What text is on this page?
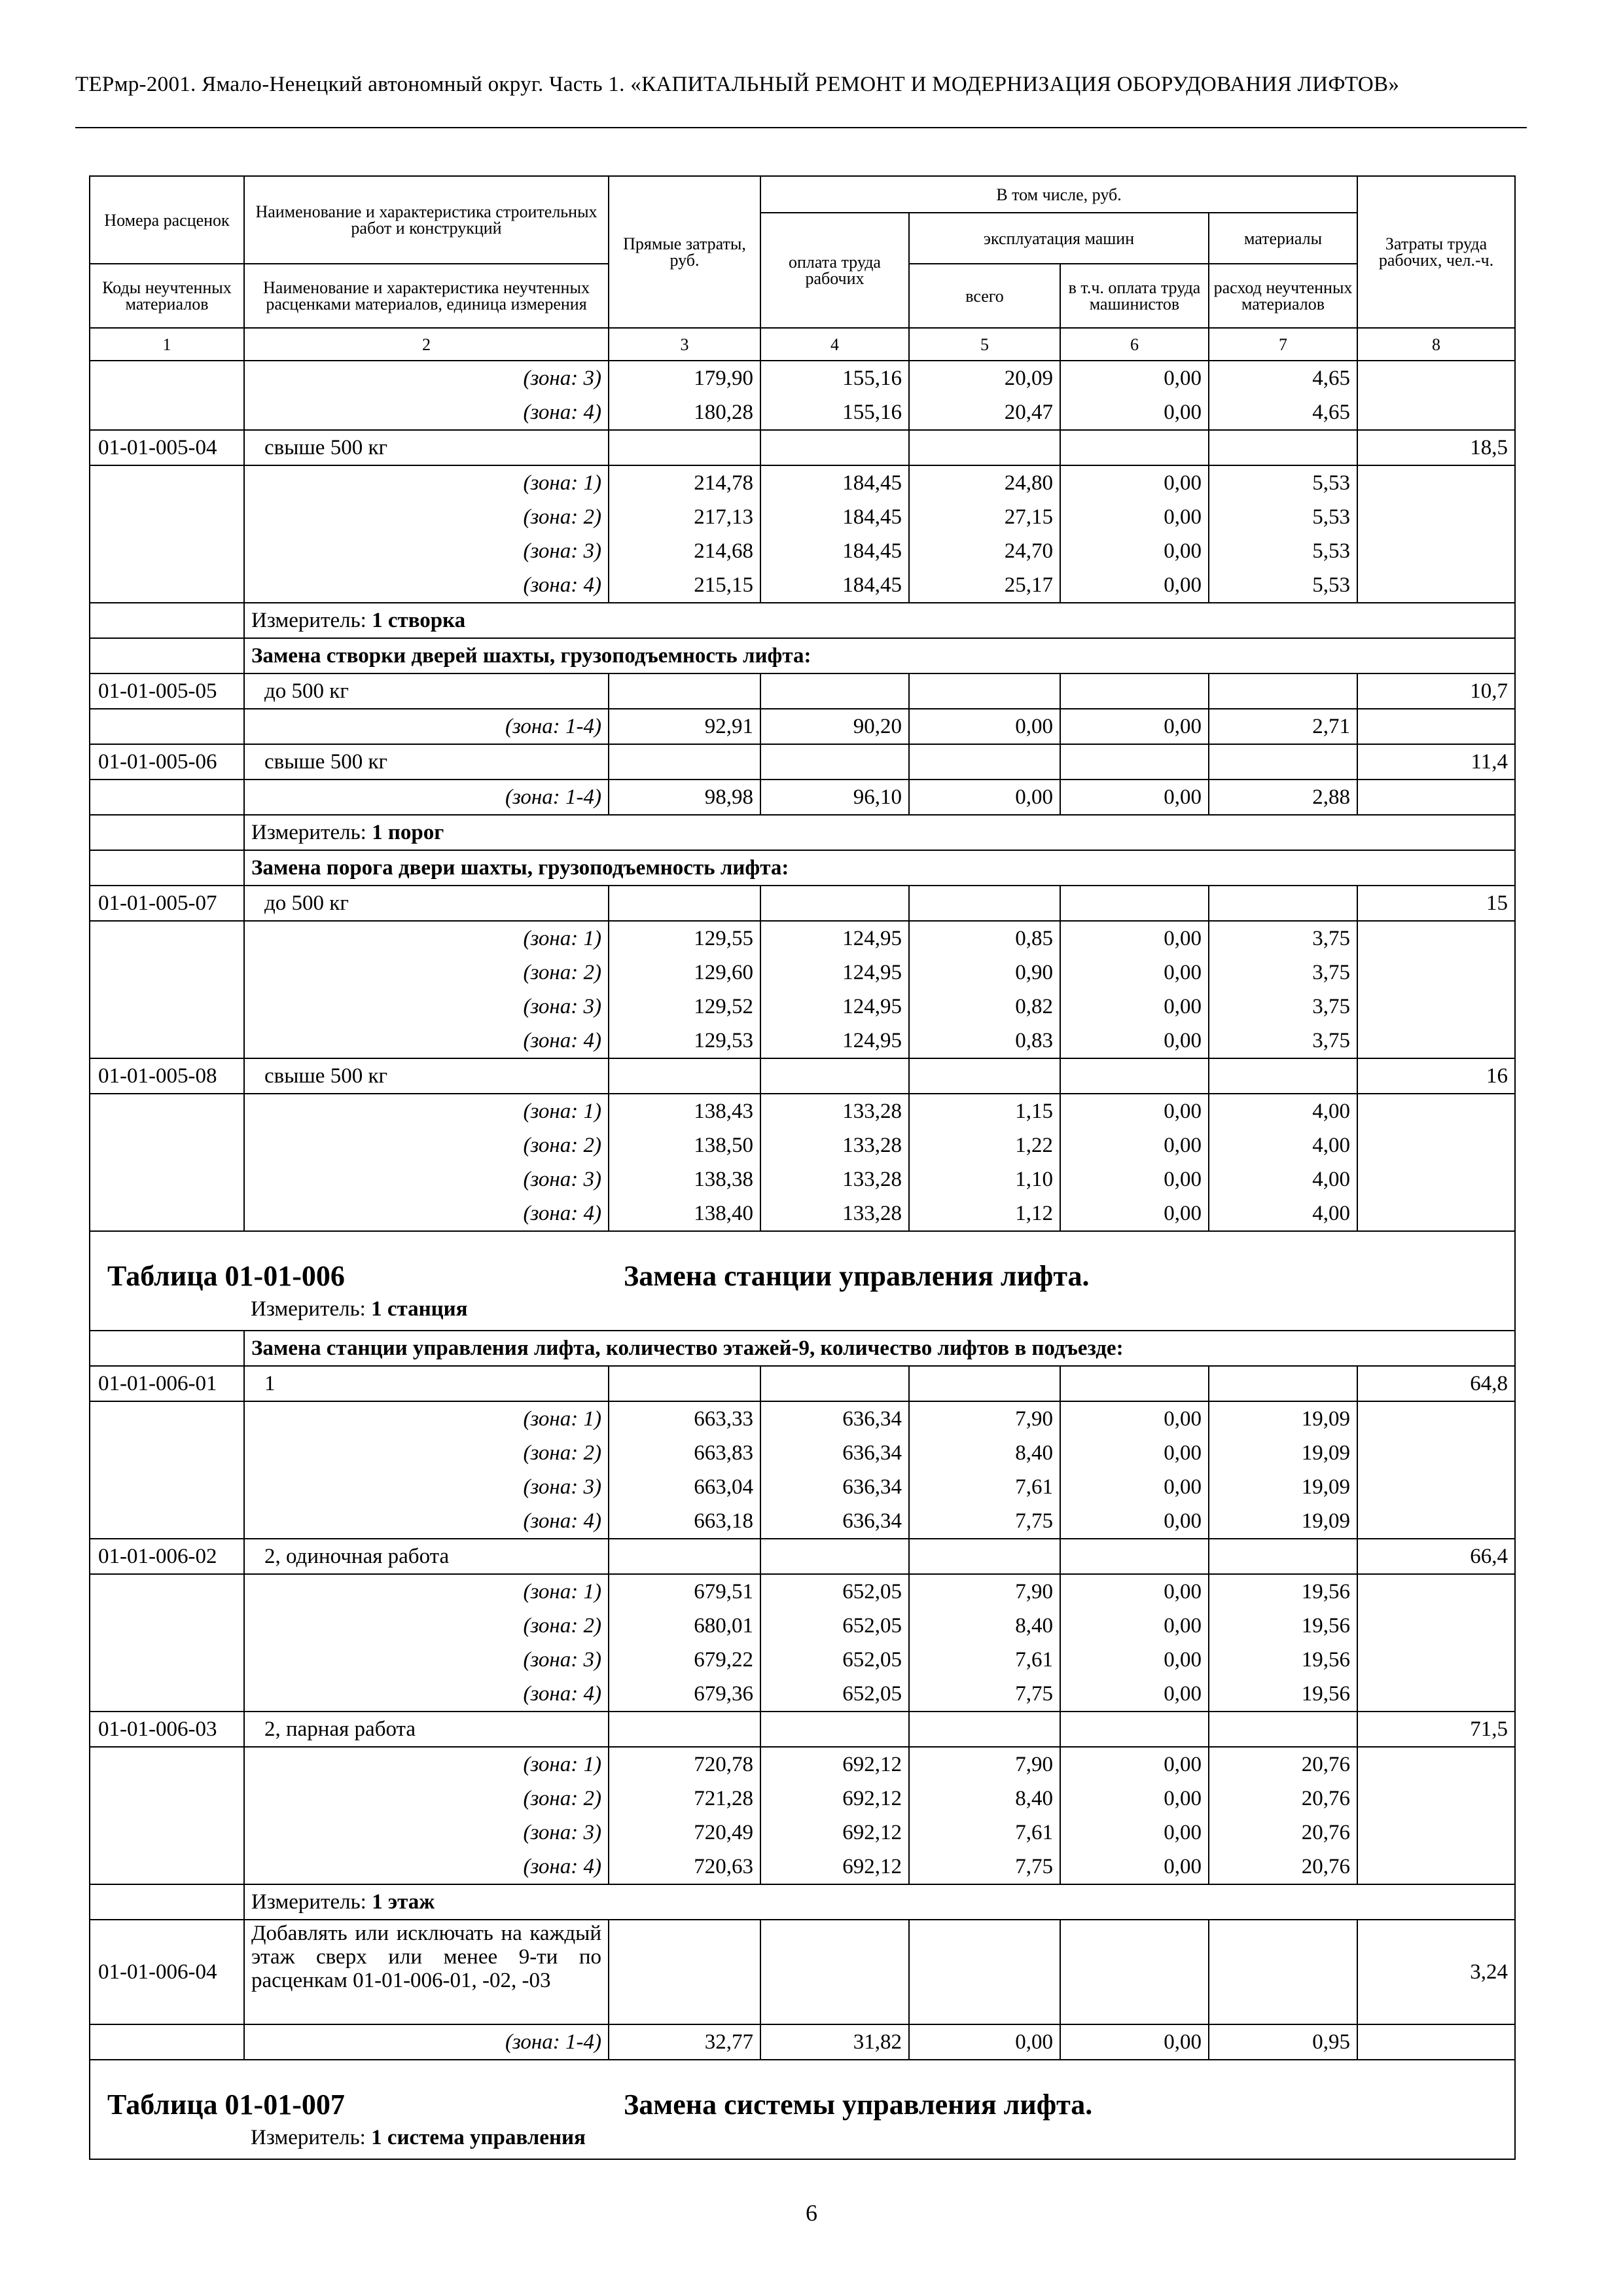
ТЕРмр-2001. Ямало-Ненецкий автономный округ. Часть 1. «КАПИТАЛЬНЫЙ РЕМОНТ И МОДЕРНИЗАЦИЯ ОБОРУДОВАНИЯ ЛИФТОВ»
Номера расценок	Наименование и характеристика строительных работ и конструкций	Прямые затраты, руб.	В том числе, руб.				Затраты труда рабочих, чел.-ч.
			оплата труда рабочих	эксплуатация машин		материалы	
Коды неучтенных материалов	Наименование и характеристика неучтенных расценками материалов, единица измерения			всего	в т.ч. оплата труда машинистов	расход неучтенных материалов	
1	2	3	4	5	6	7	8
	(зона: 3)	179,90	155,16	20,09	0,00	4,65	
	(зона: 4)	180,28	155,16	20,47	0,00	4,65	
01-01-005-04	свыше 500 кг						18,5
	(зона: 1)	214,78	184,45	24,80	0,00	5,53	
	(зона: 2)	217,13	184,45	27,15	0,00	5,53	
	(зона: 3)	214,68	184,45	24,70	0,00	5,53	
	(зона: 4)	215,15	184,45	25,17	0,00	5,53	
	Измеритель: 1 створка						
	Замена створки дверей шахты, грузоподъемность лифта:						
01-01-005-05	до 500 кг						10,7
	(зона: 1-4)	92,91	90,20	0,00	0,00	2,71	
01-01-005-06	свыше 500 кг						11,4
	(зона: 1-4)	98,98	96,10	0,00	0,00	2,88	
	Измеритель: 1 порог						
	Замена порога двери шахты, грузоподъемность лифта:						
01-01-005-07	до 500 кг						15
	(зона: 1)	129,55	124,95	0,85	0,00	3,75	
	(зона: 2)	129,60	124,95	0,90	0,00	3,75	
	(зона: 3)	129,52	124,95	0,82	0,00	3,75	
	(зона: 4)	129,53	124,95	0,83	0,00	3,75	
01-01-005-08	свыше 500 кг						16
	(зона: 1)	138,43	133,28	1,15	0,00	4,00	
	(зона: 2)	138,50	133,28	1,22	0,00	4,00	
	(зона: 3)	138,38	133,28	1,10	0,00	4,00	
	(зона: 4)	138,40	133,28	1,12	0,00	4,00	

Таблица 01-01-006 Замена станции управления лифта.
Измеритель: 1 станция							

	Замена станции управления лифта, количество этажей-9, количество лифтов в подъезде:						
01-01-006-01	1						64,8
	(зона: 1)	663,33	636,34	7,90	0,00	19,09	
	(зона: 2)	663,83	636,34	8,40	0,00	19,09	
	(зона: 3)	663,04	636,34	7,61	0,00	19,09	
	(зона: 4)	663,18	636,34	7,75	0,00	19,09	
01-01-006-02	2, одиночная работа						66,4
	(зона: 1)	679,51	652,05	7,90	0,00	19,56	
	(зона: 2)	680,01	652,05	8,40	0,00	19,56	
	(зона: 3)	679,22	652,05	7,61	0,00	19,56	
	(зона: 4)	679,36	652,05	7,75	0,00	19,56	
01-01-006-03	2, парная работа						71,5
	(зона: 1)	720,78	692,12	7,90	0,00	20,76	
	(зона: 2)	721,28	692,12	8,40	0,00	20,76	
	(зона: 3)	720,49	692,12	7,61	0,00	20,76	
	(зона: 4)	720,63	692,12	7,75	0,00	20,76	
	Измеритель: 1 этаж						
01-01-006-04	Добавлять или исключать на каждый этаж сверх или менее 9-ти по расценкам 01-01-006-01, -02, -03						3,24
	(зона: 1-4)	32,77	31,82	0,00	0,00	0,95	

Таблица 01-01-007 Замена системы управления лифта.
Измеритель: 1 система управления							
6
